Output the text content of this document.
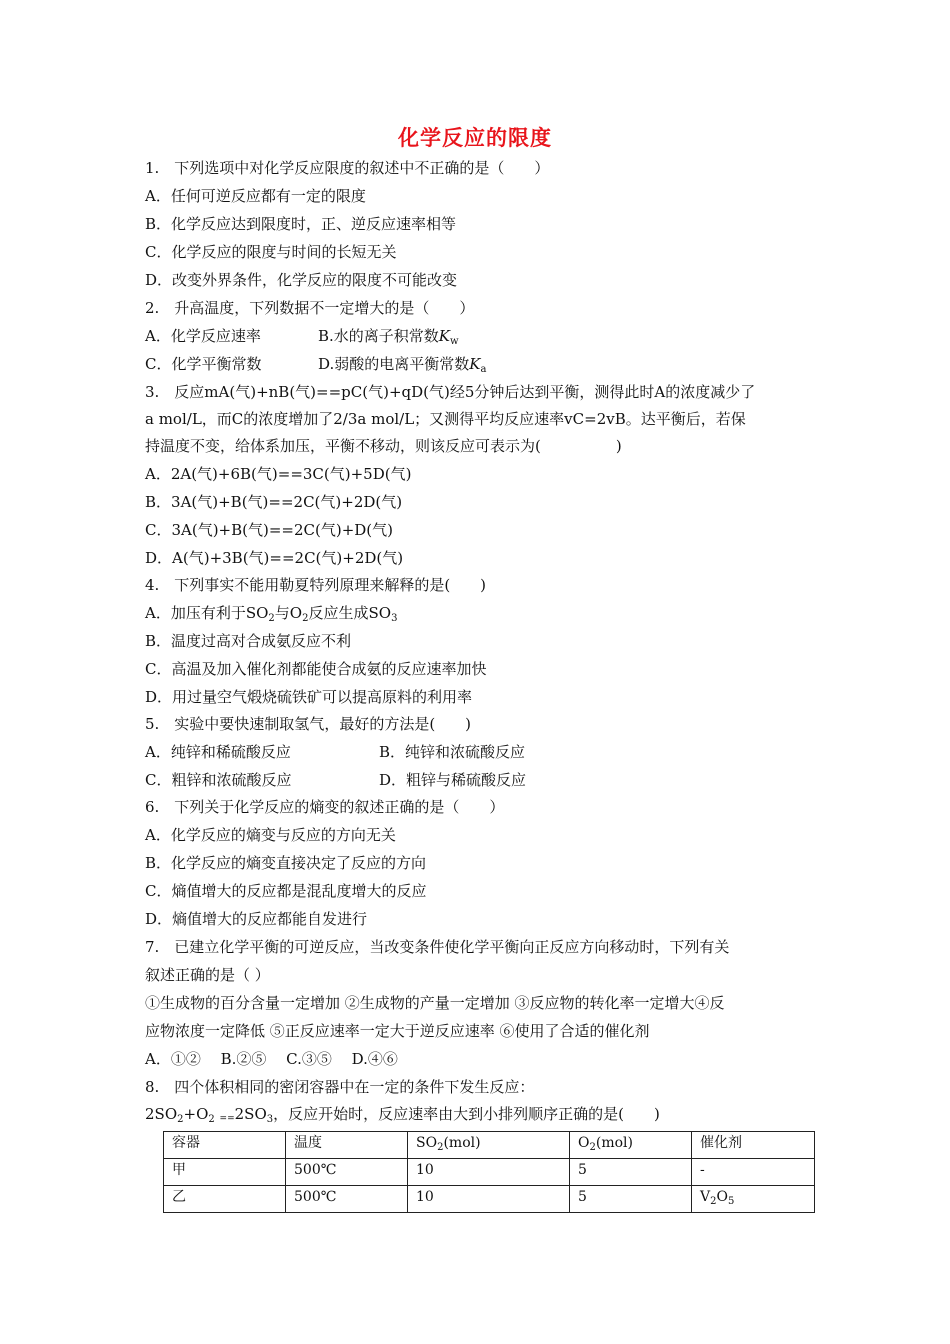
化学反应的限度
1.　下列选项中对化学反应限度的叙述中不正确的是（　　）
A．任何可逆反应都有一定的限度
B．化学反应达到限度时，正、逆反应速率相等
C．化学反应的限度与时间的长短无关
D．改变外界条件，化学反应的限度不可能改变
2.　升高温度，下列数据不一定增大的是（　　）
A．化学反应速率	B.水的离子积常数$K_w$
C．化学平衡常数	D.弱酸的电离平衡常数$K_a$
3.　反应mA(气)+nB(气)==pC(气)+qD(气)经5分钟后达到平衡，测得此时A的浓度减少了
a mol/L，而C的浓度增加了2/3a mol/L；又测得平均反应速率vC=2vB。达平衡后，若保
持温度不变，给体系加压，平衡不移动，则该反应可表示为(　　　　　)
A．2A(气)+6B(气)==3C(气)+5D(气)
B．3A(气)+B(气)==2C(气)+2D(气)
C．3A(气)+B(气)==2C(气)+D(气)
D．A(气)+3B(气)==2C(气)+2D(气)
4.　下列事实不能用勒夏特列原理来解释的是(　　)
A．加压有利于$SO_2$与$O_2$反应生成$SO_3$
B．温度过高对合成氨反应不利
C．高温及加入催化剂都能使合成氨的反应速率加快
D．用过量空气煅烧硫铁矿可以提高原料的利用率
5.　实验中要快速制取氢气，最好的方法是(　　)
A．纯锌和稀硫酸反应	B．纯锌和浓硫酸反应
C．粗锌和浓硫酸反应	D．粗锌与稀硫酸反应
6.　下列关于化学反应的熵变的叙述正确的是（　　）
A．化学反应的熵变与反应的方向无关
B．化学反应的熵变直接决定了反应的方向
C．熵值增大的反应都是混乱度增大的反应
D．熵值增大的反应都能自发进行
7.　已建立化学平衡的可逆反应，当改变条件使化学平衡向正反应方向移动时，下列有关
叙述正确的是（ ）
①生成物的百分含量一定增加 ②生成物的产量一定增加 ③反应物的转化率一定增大④反
应物浓度一定降低 ⑤正反应速率一定大于逆反应速率 ⑥使用了合适的催化剂
A．①②　 B.②⑤　 C.③⑤　 D.④⑥
8.　四个体积相同的密闭容器中在一定的条件下发生反应：
$2SO_2+O_2 ==2SO_3$，反应开始时，反应速率由大到小排列顺序正确的是(　　)
容器	温度	$SO_2(mol)$	$O_2(mol)$	催化剂
甲	500℃	10	5	-
乙	500℃	10	5	$V_2O_5$
